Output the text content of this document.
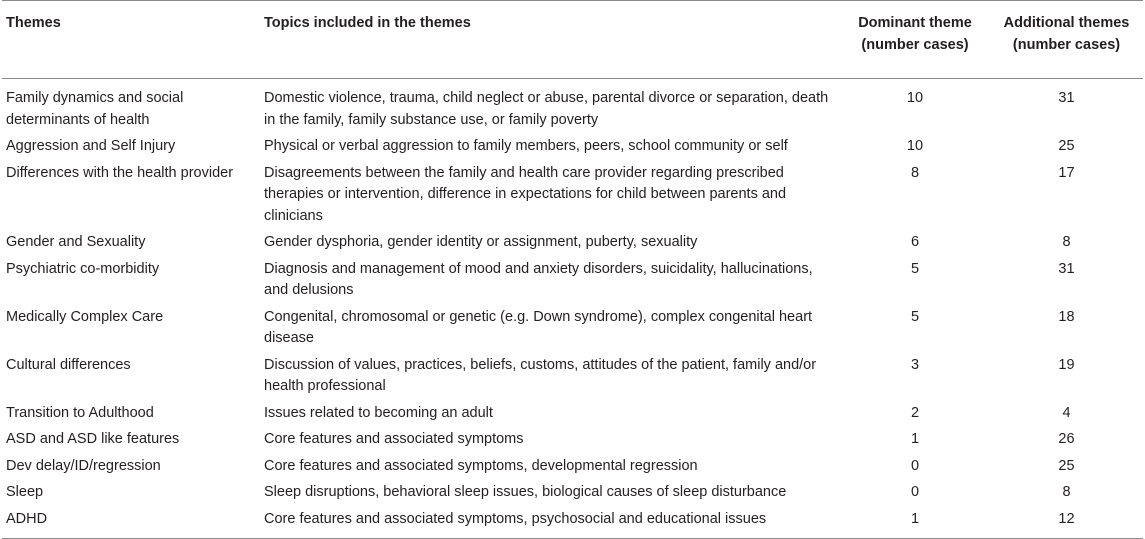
Themes	Topics included in the themes	Dominant theme (number cases)	Additional themes (number cases)
Family dynamics and social determinants of health	Domestic violence, trauma, child neglect or abuse, parental divorce or separation, death in the family, family substance use, or family poverty	10	31
Aggression and Self Injury	Physical or verbal aggression to family members, peers, school community or self	10	25
Differences with the health provider	Disagreements between the family and health care provider regarding prescribed therapies or intervention, difference in expectations for child between parents and clinicians	8	17
Gender and Sexuality	Gender dysphoria, gender identity or assignment, puberty, sexuality	6	8
Psychiatric co-morbidity	Diagnosis and management of mood and anxiety disorders, suicidality, hallucinations, and delusions	5	31
Medically Complex Care	Congenital, chromosomal or genetic (e.g. Down syndrome), complex congenital heart disease	5	18
Cultural differences	Discussion of values, practices, beliefs, customs, attitudes of the patient, family and/or health professional	3	19
Transition to Adulthood	Issues related to becoming an adult	2	4
ASD and ASD like features	Core features and associated symptoms	1	26
Dev delay/ID/regression	Core features and associated symptoms, developmental regression	0	25
Sleep	Sleep disruptions, behavioral sleep issues, biological causes of sleep disturbance	0	8
ADHD	Core features and associated symptoms, psychosocial and educational issues	1	12
